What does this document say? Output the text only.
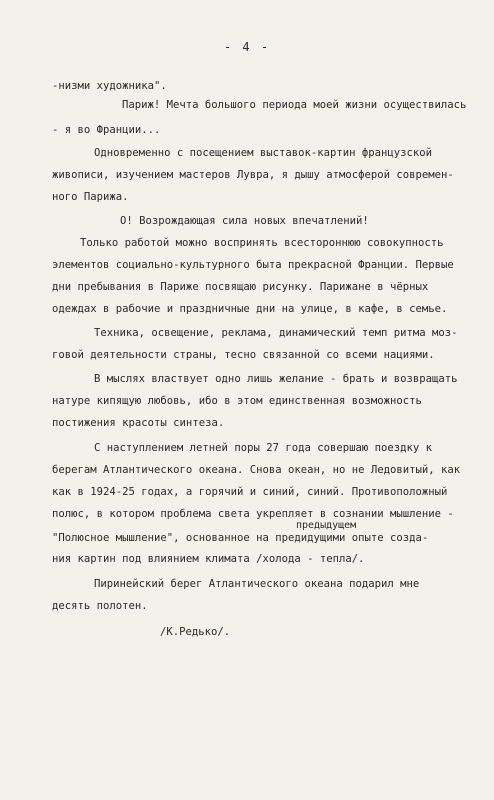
- 4 -
-низми художника".
Париж! Мечта большого периода моей жизни осуществилась
- я во Франции...
Одновременно с посещением выставок-картин французской
живописи, изучением мастеров Лувра, я дышу атмосферой современ-
ного Парижа.
О! Возрождающая сила новых впечатлений!
Только работой можно воспринять всестороннюю совокупность
элементов социально-культурного быта прекрасной Франции. Первые
дни пребывания в Париже посвящаю рисунку. Парижане в чёрных
одеждах в рабочие и праздничные дни на улице, в кафе, в семье.
Техника, освещение, реклама, динамический темп ритма моз-
говой деятельности страны, тесно связанной со всеми нациями.
В мыслях властвует одно лишь желание - брать и возвращать
натуре кипящую любовь, ибо в этом единственная возможность
постижения красоты синтеза.
С наступлением летней поры 27 года совершаю поездку к
берегам Атлантического океана. Снова океан, но не Ледовитый, как
как в 1924-25 годах, а горячий и синий, синий. Противоположный
полюс, в котором проблема света укрепляет в сознании мышление -
предыдущем
"Полюсное мышление", основанное на предидущими опыте созда-
ния картин под влиянием климата /холода - тепла/.
Пиринейский берег Атлантического океана подарил мне
десять полотен.
/К.Редько/.
